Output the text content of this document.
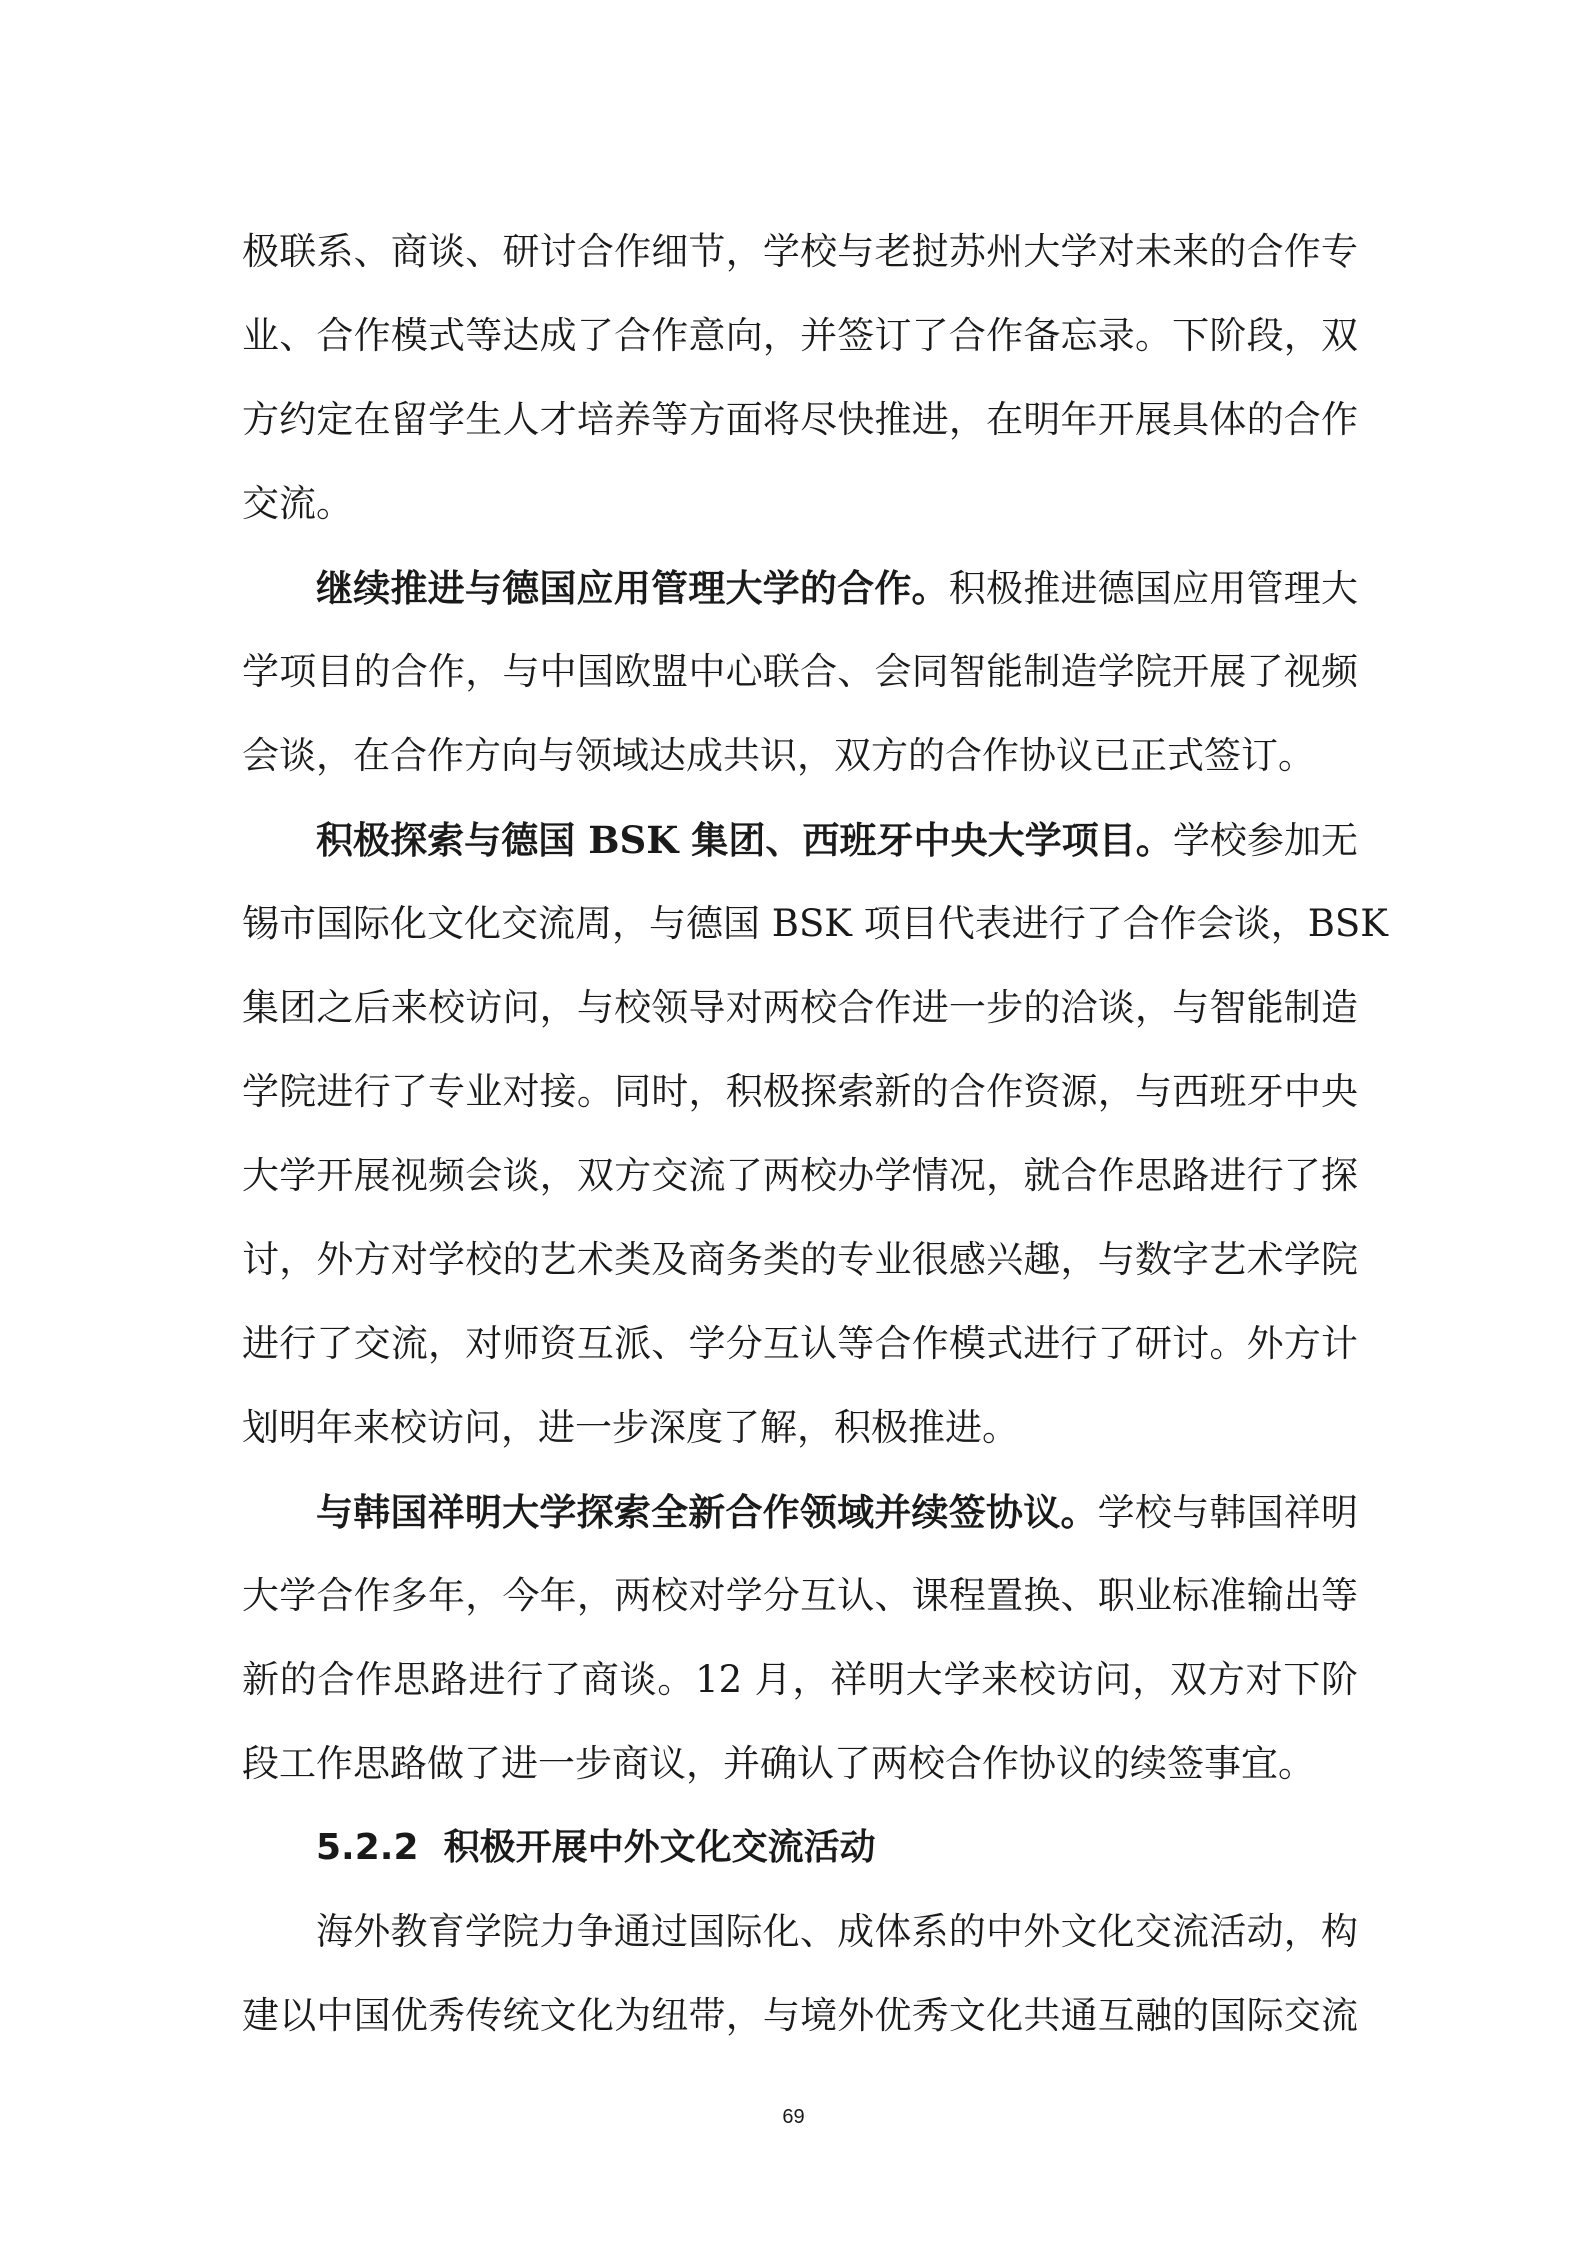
极联系、商谈、研讨合作细节，学校与老挝苏州大学对未来的合作专
业、合作模式等达成了合作意向，并签订了合作备忘录。下阶段，双
方约定在留学生人才培养等方面将尽快推进，在明年开展具体的合作
交流。
继续推进与德国应用管理大学的合作。积极推进德国应用管理大
学项目的合作，与中国欧盟中心联合、会同智能制造学院开展了视频
会谈，在合作方向与领域达成共识，双方的合作协议已正式签订。
积极探索与德国 BSK 集团、西班牙中央大学项目。学校参加无
锡市国际化文化交流周，与德国 BSK 项目代表进行了合作会谈，BSK
集团之后来校访问，与校领导对两校合作进一步的洽谈，与智能制造
学院进行了专业对接。同时，积极探索新的合作资源，与西班牙中央
大学开展视频会谈，双方交流了两校办学情况，就合作思路进行了探
讨，外方对学校的艺术类及商务类的专业很感兴趣，与数字艺术学院
进行了交流，对师资互派、学分互认等合作模式进行了研讨。外方计
划明年来校访问，进一步深度了解，积极推进。
与韩国祥明大学探索全新合作领域并续签协议。学校与韩国祥明
大学合作多年，今年，两校对学分互认、课程置换、职业标准输出等
新的合作思路进行了商谈。12 月，祥明大学来校访问，双方对下阶
段工作思路做了进一步商议，并确认了两校合作协议的续签事宜。
5.2.2 积极开展中外文化交流活动
海外教育学院力争通过国际化、成体系的中外文化交流活动，构
建以中国优秀传统文化为纽带，与境外优秀文化共通互融的国际交流
69
